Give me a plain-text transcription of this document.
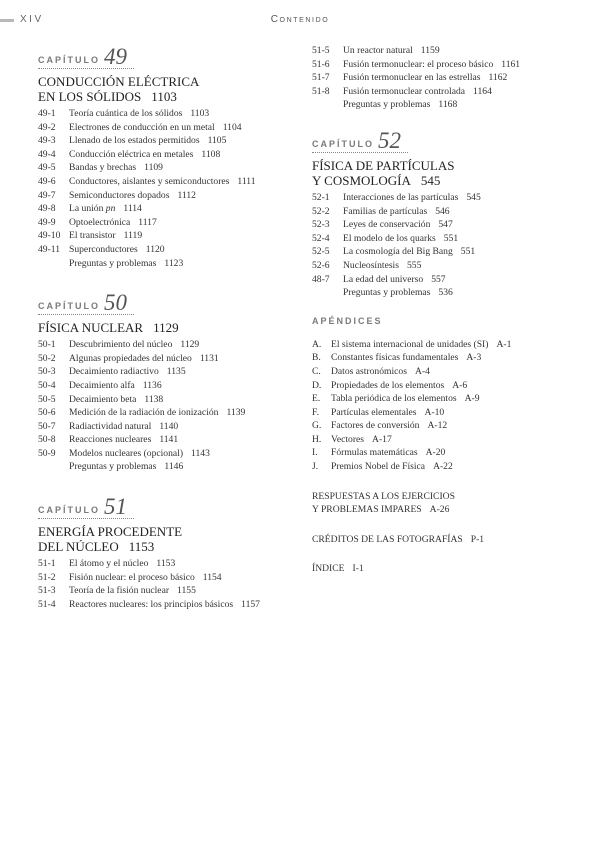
XIV	Contenido
CAPÍTULO 49
CONDUCCIÓN ELÉCTRICA
EN LOS SÓLIDOS 1103
49-1 Teoría cuántica de los sólidos 1103
49-2 Electrones de conducción en un metal 1104
49-3 Llenado de los estados permitidos 1105
49-4 Conducción eléctrica en metales 1108
49-5 Bandas y brechas 1109
49-6 Conductores, aislantes y semiconductores 1111
49-7 Semiconductores dopados 1112
49-8 La unión pn 1114
49-9 Optoelectrónica 1117
49-10 El transistor 1119
49-11 Superconductores 1120
Preguntas y problemas 1123
CAPÍTULO 50
FÍSICA NUCLEAR 1129
50-1 Descubrimiento del núcleo 1129
50-2 Algunas propiedades del núcleo 1131
50-3 Decaimiento radiactivo 1135
50-4 Decaimiento alfa 1136
50-5 Decaimiento beta 1138
50-6 Medición de la radiación de ionización 1139
50-7 Radiactividad natural 1140
50-8 Reacciones nucleares 1141
50-9 Modelos nucleares (opcional) 1143
Preguntas y problemas 1146
CAPÍTULO 51
ENERGÍA PROCEDENTE
DEL NÚCLEO 1153
51-1 El átomo y el núcleo 1153
51-2 Fisión nuclear: el proceso básico 1154
51-3 Teoría de la fisión nuclear 1155
51-4 Reactores nucleares: los principios básicos 1157
51-5 Un reactor natural 1159
51-6 Fusión termonuclear: el proceso básico 1161
51-7 Fusión termonuclear en las estrellas 1162
51-8 Fusión termonuclear controlada 1164
Preguntas y problemas 1168
CAPÍTULO 52
FÍSICA DE PARTÍCULAS
Y COSMOLOGÍA 545
52-1 Interacciones de las partículas 545
52-2 Familias de partículas 546
52-3 Leyes de conservación 547
52-4 El modelo de los quarks 551
52-5 La cosmología del Big Bang 551
52-6 Nucleosíntesis 555
48-7 La edad del universo 557
Preguntas y problemas 536
APÉNDICES
A. El sistema internacional de unidades (SI) A-1
B. Constantes físicas fundamentales A-3
C. Datos astronómicos A-4
D. Propiedades de los elementos A-6
E. Tabla periódica de los elementos A-9
F. Partículas elementales A-10
G. Factores de conversión A-12
H. Vectores A-17
I. Fórmulas matemáticas A-20
J. Premios Nobel de Física A-22
RESPUESTAS A LOS EJERCICIOS
Y PROBLEMAS IMPARES A-26
CRÉDITOS DE LAS FOTOGRAFÍAS P-1
ÍNDICE I-1
